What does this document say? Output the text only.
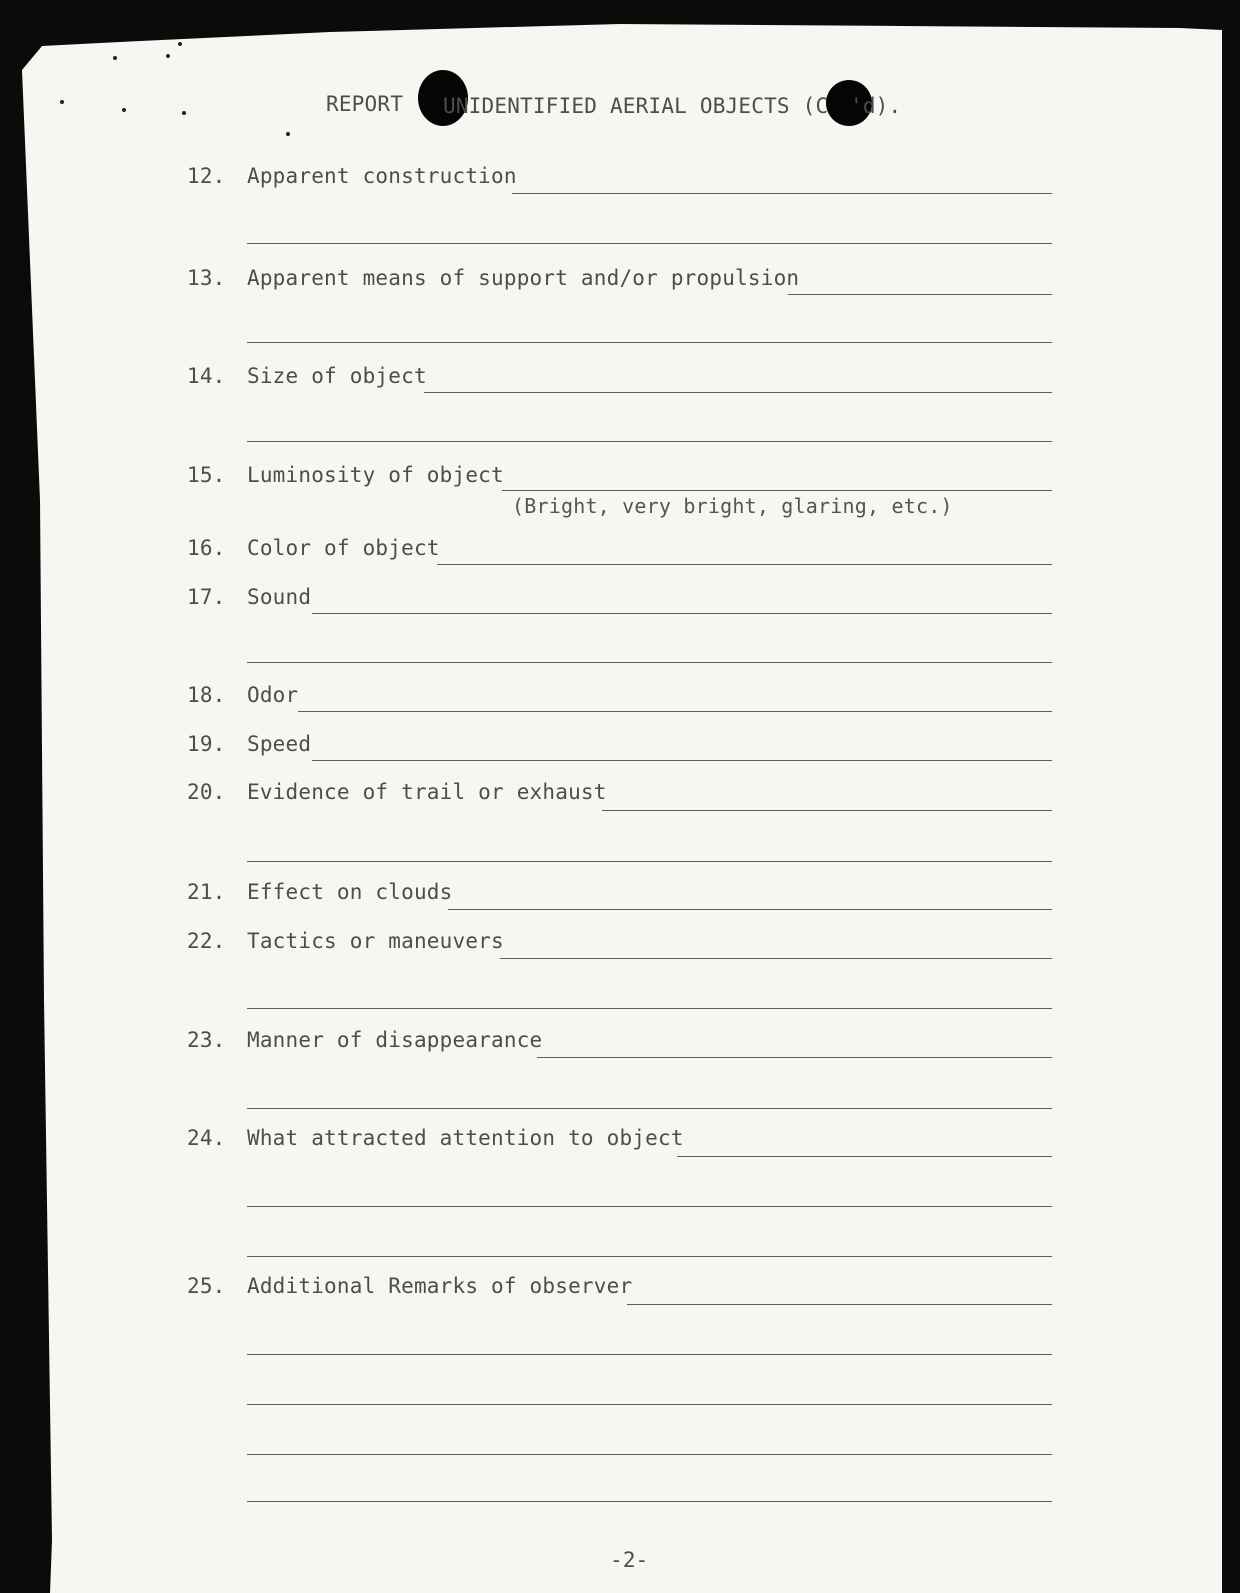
REPORT UNIDENTIFIED AERIAL OBJECTS (C 'd).
12. Apparent construction
13. Apparent means of support and/or propulsion
14. Size of object
15. Luminosity of object
(Bright, very bright, glaring, etc.)
16. Color of object
17. Sound
18. Odor
19. Speed
20. Evidence of trail or exhaust
21. Effect on clouds
22. Tactics or maneuvers
23. Manner of disappearance
24. What attracted attention to object
25. Additional Remarks of observer
-2-
